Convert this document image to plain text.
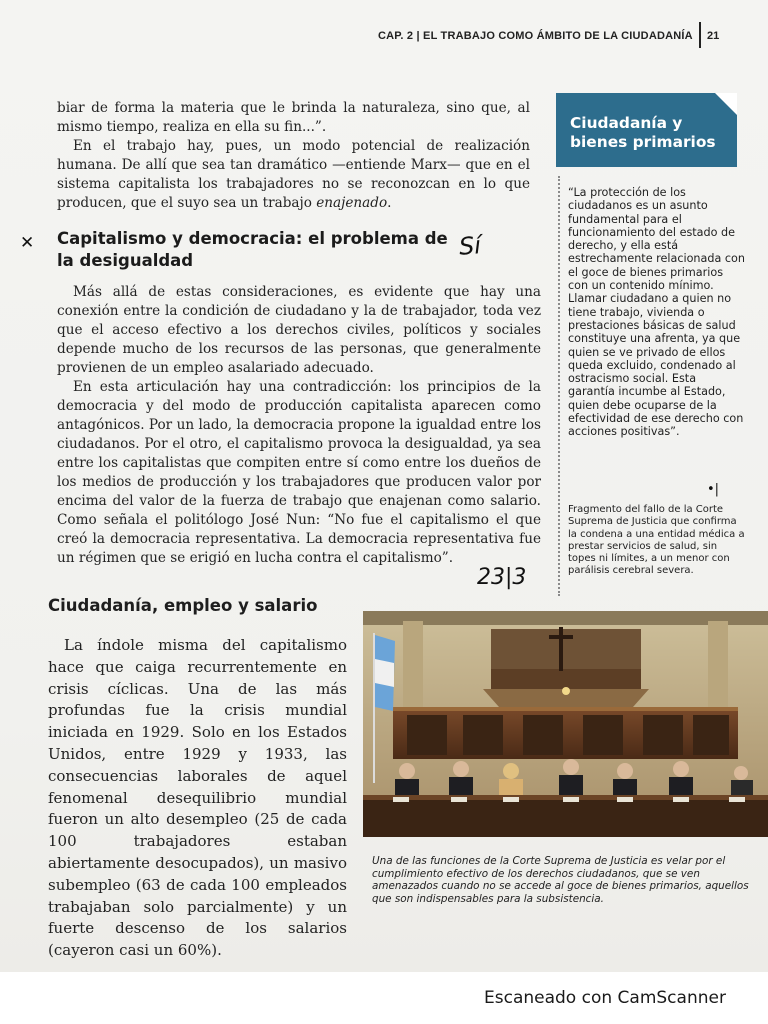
CAP. 2 | EL TRABAJO COMO ÁMBITO DE LA CIUDADANÍA	21

biar de forma la materia que le brinda la naturaleza, sino que, al mismo tiempo, realiza en ella su fin...”.

En el trabajo hay, pues, un modo potencial de realización humana. De allí que sea tan dramático —entiende Marx— que en el sistema capitalista los trabajadores no se reconozcan en lo que producen, que el suyo sea un trabajo enajenado.

Capitalismo y democracia: el problema de la desigualdad

Más allá de estas consideraciones, es evidente que hay una conexión entre la condición de ciudadano y la de trabajador, toda vez que el acceso efectivo a los derechos civiles, políticos y sociales depende mucho de los recursos de las personas, que generalmente provienen de un empleo asalariado adecuado.

En esta articulación hay una contradicción: los principios de la democracia y del modo de producción capitalista aparecen como antagónicos. Por un lado, la democracia propone la igualdad entre los ciudadanos. Por el otro, el capitalismo provoca la desigualdad, ya sea entre los capitalistas que compiten entre sí como entre los dueños de los medios de producción y los trabajadores que producen valor por encima del valor de la fuerza de trabajo que enajenan como salario. Como señala el politólogo José Nun: “No fue el capitalismo el que creó la democracia representativa. La democracia representativa fue un régimen que se erigió en lucha contra el capitalismo”.

Ciudadanía, empleo y salario

La índole misma del capitalismo hace que caiga recurrentemente en crisis cíclicas. Una de las más profundas fue la crisis mundial iniciada en 1929. Solo en los Estados Unidos, entre 1929 y 1933, las consecuencias laborales de aquel fenomenal desequilibrio mundial fueron un alto desempleo (25 de cada 100 trabajadores estaban abiertamente desocupados), un masivo subempleo (63 de cada 100 empleados trabajaban solo parcialmente) y un fuerte descenso de los salarios (cayeron casi un 60%).

Ciudadanía y bienes primarios

“La protección de los ciudadanos es un asunto fundamental para el funcionamiento del estado de derecho, y ella está estrechamente relacionada con el goce de bienes primarios con un contenido mínimo. Llamar ciudadano a quien no tiene trabajo, vivienda o prestaciones básicas de salud constituye una afrenta, ya que quien se ve privado de ellos queda excluido, condenado al ostracismo social. Esta garantía incumbe al Estado, quien debe ocuparse de la efectividad de ese derecho con acciones positivas”.

Fragmento del fallo de la Corte Suprema de Justicia que confirma la condena a una entidad médica a prestar servicios de salud, sin topes ni límites, a un menor con parálisis cerebral severa.

Una de las funciones de la Corte Suprema de Justicia es velar por el cumplimiento efectivo de los derechos ciudadanos, que se ven amenazados cuando no se accede al goce de bienes primarios, aquellos que son indispensables para la subsistencia.

Sí
23|3
✕
•|

Escaneado con CamScanner
